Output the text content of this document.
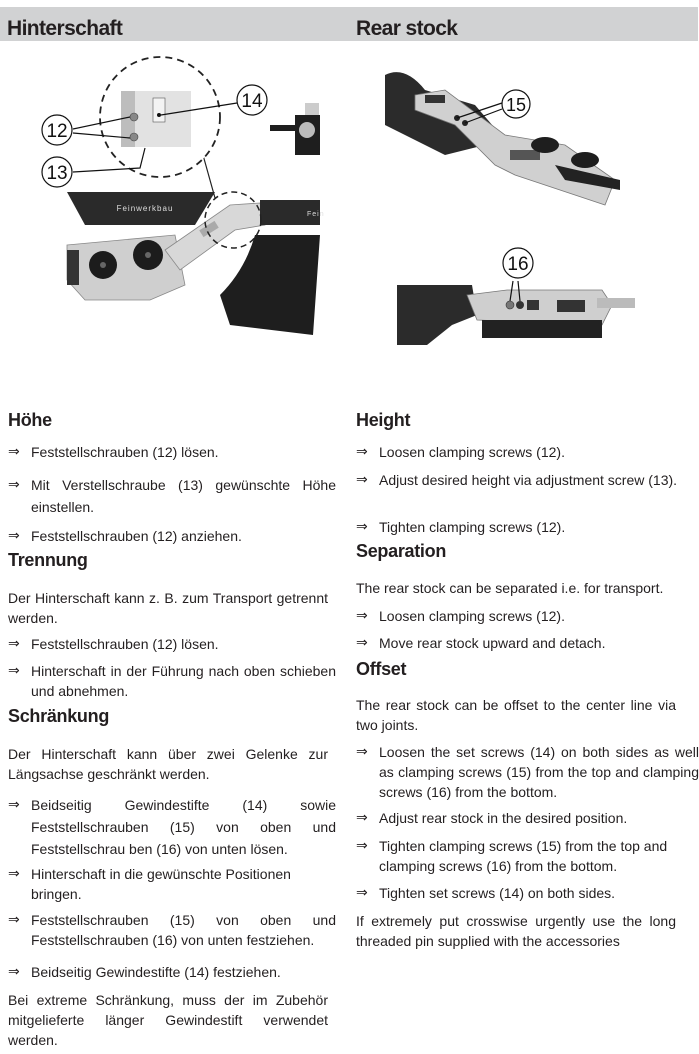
Hinterschaft	Rear stock
Feinwerkbau
Fein
12
13
14	15
16
Höhe
⇒ Feststellschrauben (12) lösen.
⇒ Mit Verstellschraube (13) gewünschte Höhe einstellen.
⇒ Feststellschrauben (12) anziehen.
Trennung
Der Hinterschaft kann z. B. zum Transport getrennt werden.
⇒ Feststellschrauben (12) lösen.
⇒ Hinterschaft in der Führung nach oben schieben und abnehmen.
Schränkung
Der Hinterschaft kann über zwei Gelenke zur Längsachse geschränkt werden.
⇒ Beidseitig Gewindestifte (14) sowie Feststellschrauben (15) von oben und Feststellschrau ben (16) von unten lösen.
⇒ Hinterschaft in die gewünschte Positionen bringen.
⇒ Feststellschrauben (15) von oben und Feststellschrauben (16) von unten festziehen.
⇒ Beidseitig Gewindestifte (14) festziehen.
Bei extreme Schränkung, muss der im Zubehör mitgelieferte länger Gewindestift verwendet werden.
Height
⇒ Loosen clamping screws (12).
⇒ Adjust desired height via adjustment screw (13).
⇒ Tighten clamping screws (12).
Separation
The rear stock can be separated i.e. for transport.
⇒ Loosen clamping screws (12).
⇒ Move rear stock upward and detach.
Offset
The rear stock can be offset to the center line via two joints.
⇒ Loosen the set screws (14) on both sides as well as clamping screws (15) from the top and clamping screws (16) from the bottom.
⇒ Adjust rear stock in the desired position.
⇒ Tighten clamping screws (15) from the top and clamping screws (16) from the bottom.
⇒ Tighten set screws (14) on both sides.
If extremely put crosswise urgently use the long threaded pin supplied with the accessories
